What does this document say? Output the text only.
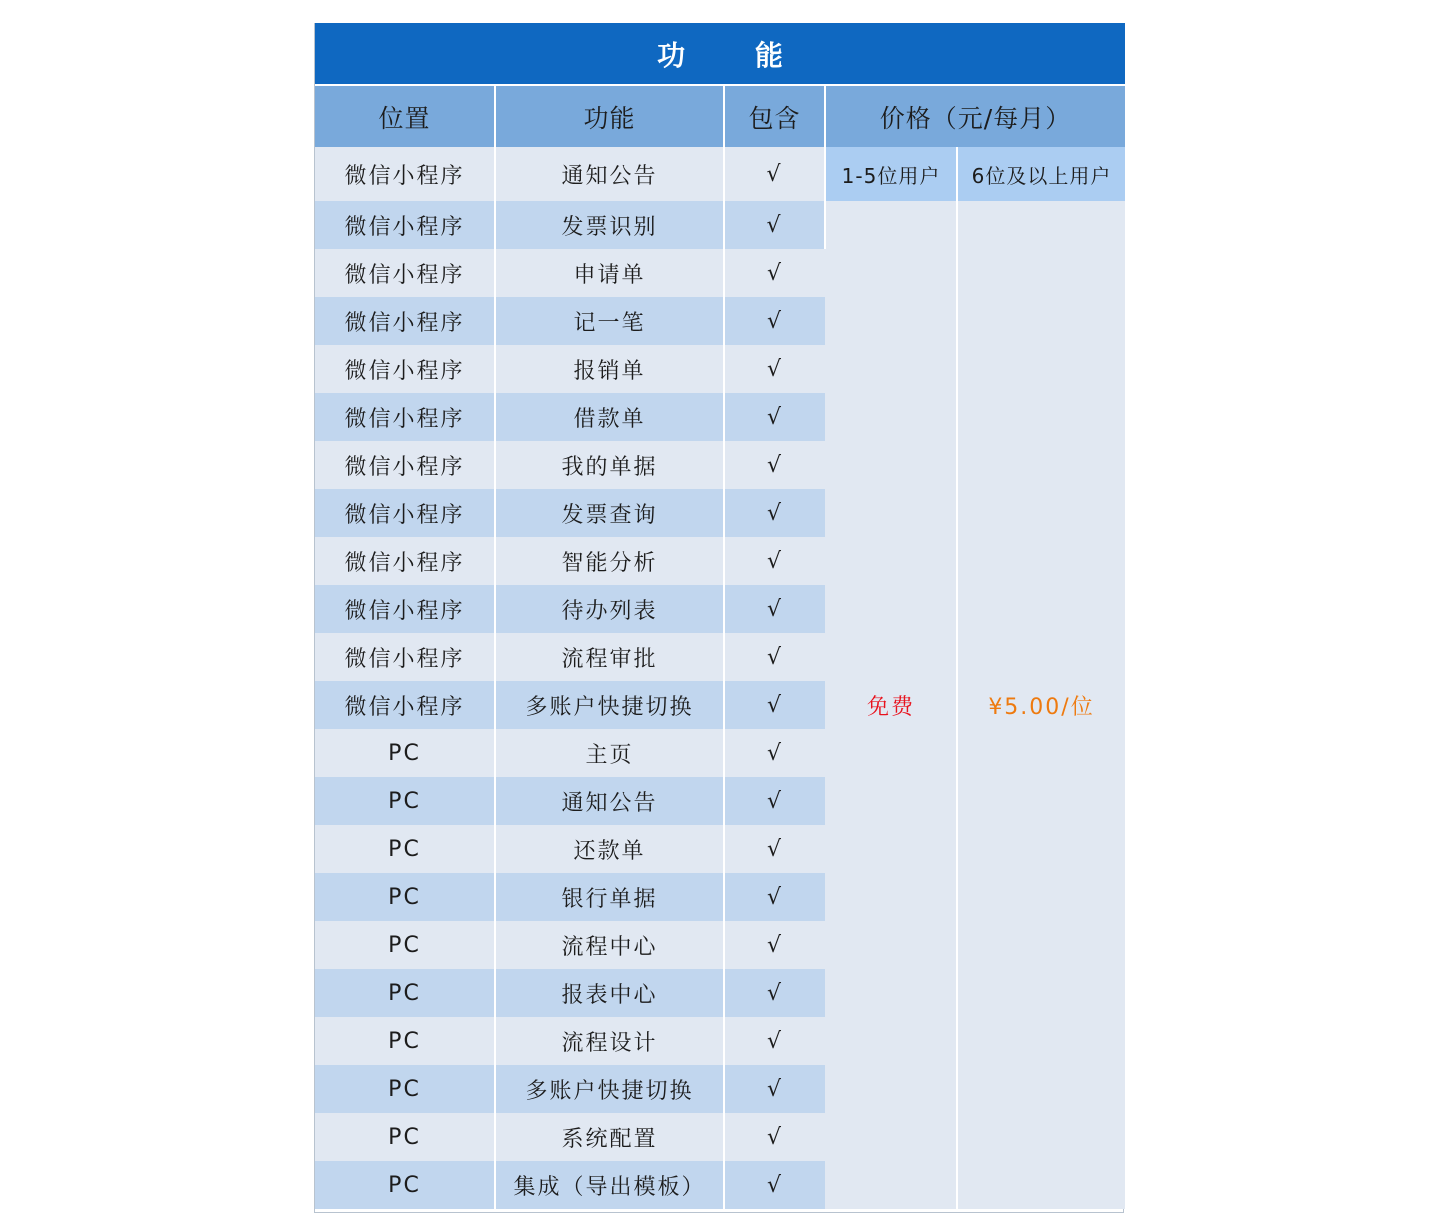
功 能				
位置	功能	包含	价格（元/每月）	
微信小程序	通知公告	√	1-5位用户	6位及以上用户
微信小程序	发票识别	√	免费	¥5.00/位
微信小程序	申请单	√		
微信小程序	记一笔	√		
微信小程序	报销单	√		
微信小程序	借款单	√		
微信小程序	我的单据	√		
微信小程序	发票查询	√		
微信小程序	智能分析	√		
微信小程序	待办列表	√		
微信小程序	流程审批	√		
微信小程序	多账户快捷切换	√		
PC	主页	√		
PC	通知公告	√		
PC	还款单	√		
PC	银行单据	√		
PC	流程中心	√		
PC	报表中心	√		
PC	流程设计	√		
PC	多账户快捷切换	√		
PC	系统配置	√		
PC	集成（导出模板）	√		
